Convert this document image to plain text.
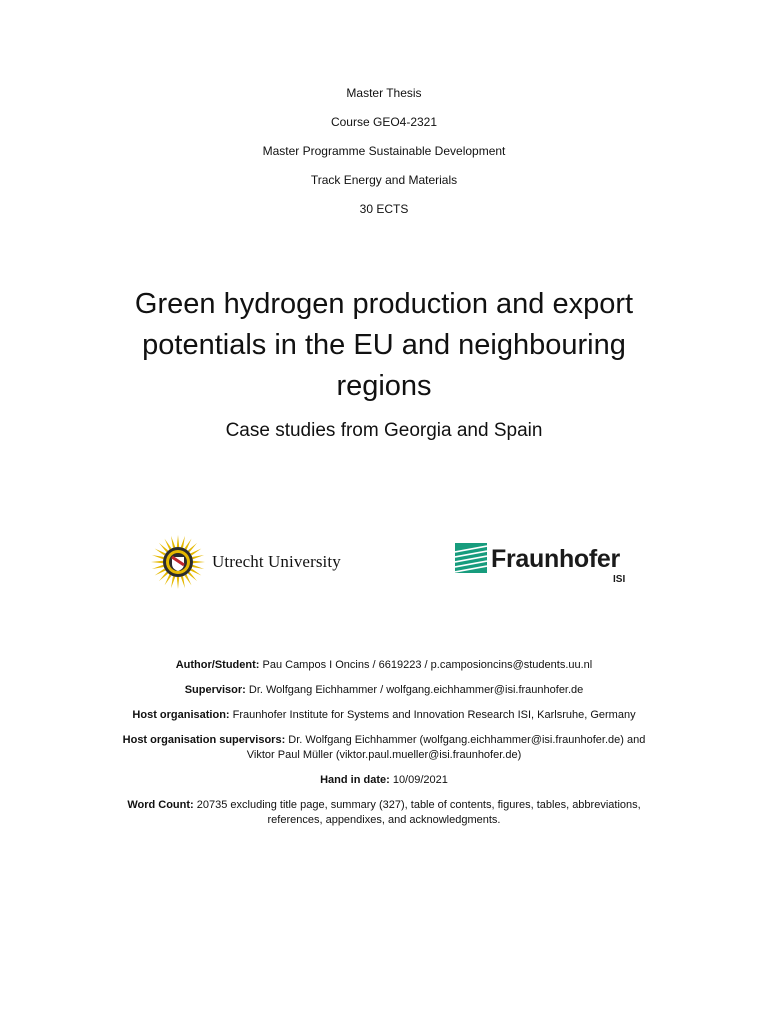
Master Thesis
Course GEO4-2321
Master Programme Sustainable Development
Track Energy and Materials
30 ECTS
Green hydrogen production and export
potentials in the EU and neighbouring
regions
Case studies from Georgia and Spain
Utrecht University	Fraunhofer
ISI
Author/Student: Pau Campos I Oncins / 6619223 / p.camposioncins@students.uu.nl
Supervisor: Dr. Wolfgang Eichhammer / wolfgang.eichhammer@isi.fraunhofer.de
Host organisation: Fraunhofer Institute for Systems and Innovation Research ISI, Karlsruhe, Germany
Host organisation supervisors: Dr. Wolfgang Eichhammer (wolfgang.eichhammer@isi.fraunhofer.de) and Viktor Paul Müller (viktor.paul.mueller@isi.fraunhofer.de)
Hand in date: 10/09/2021
Word Count: 20735 excluding title page, summary (327), table of contents, figures, tables, abbreviations, references, appendixes, and acknowledgments.
